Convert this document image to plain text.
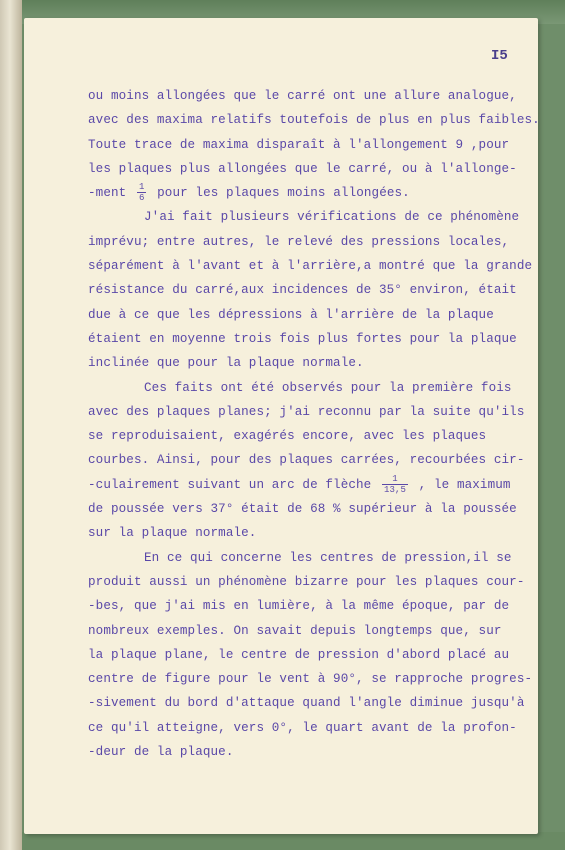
I5
ou moins allongées que le carré ont une allure analogue,
avec des maxima relatifs toutefois de plus en plus faibles.
Toute trace de maxima disparaît à l'allongement 9 ,pour
les plaques plus allongées que le carré, ou à l'allonge-
-ment $\frac{1}{6}$ pour les plaques moins allongées.
J'ai fait plusieurs vérifications de ce phénomène
imprévu; entre autres, le relevé des pressions locales,
séparément à l'avant et à l'arrière,a montré que la grande
résistance du carré,aux incidences de 35° environ, était
due à ce que les dépressions à l'arrière de la plaque
étaient en moyenne trois fois plus fortes pour la plaque
inclinée que pour la plaque normale.
Ces faits ont été observés pour la première fois
avec des plaques planes; j'ai reconnu par la suite qu'ils
se reproduisaient, exagérés encore, avec les plaques
courbes. Ainsi, pour des plaques carrées, recourbées cir-
-culairement suivant un arc de flèche $\frac{1}{13,5}$ , le maximum
de poussée vers 37° était de 68 % supérieur à la poussée
sur la plaque normale.
En ce qui concerne les centres de pression,il se
produit aussi un phénomène bizarre pour les plaques cour-
-bes, que j'ai mis en lumière, à la même époque, par de
nombreux exemples. On savait depuis longtemps que, sur
la plaque plane, le centre de pression d'abord placé au
centre de figure pour le vent à 90°, se rapproche progres-
-sivement du bord d'attaque quand l'angle diminue jusqu'à
ce qu'il atteigne, vers 0°, le quart avant de la profon-
-deur de la plaque.
